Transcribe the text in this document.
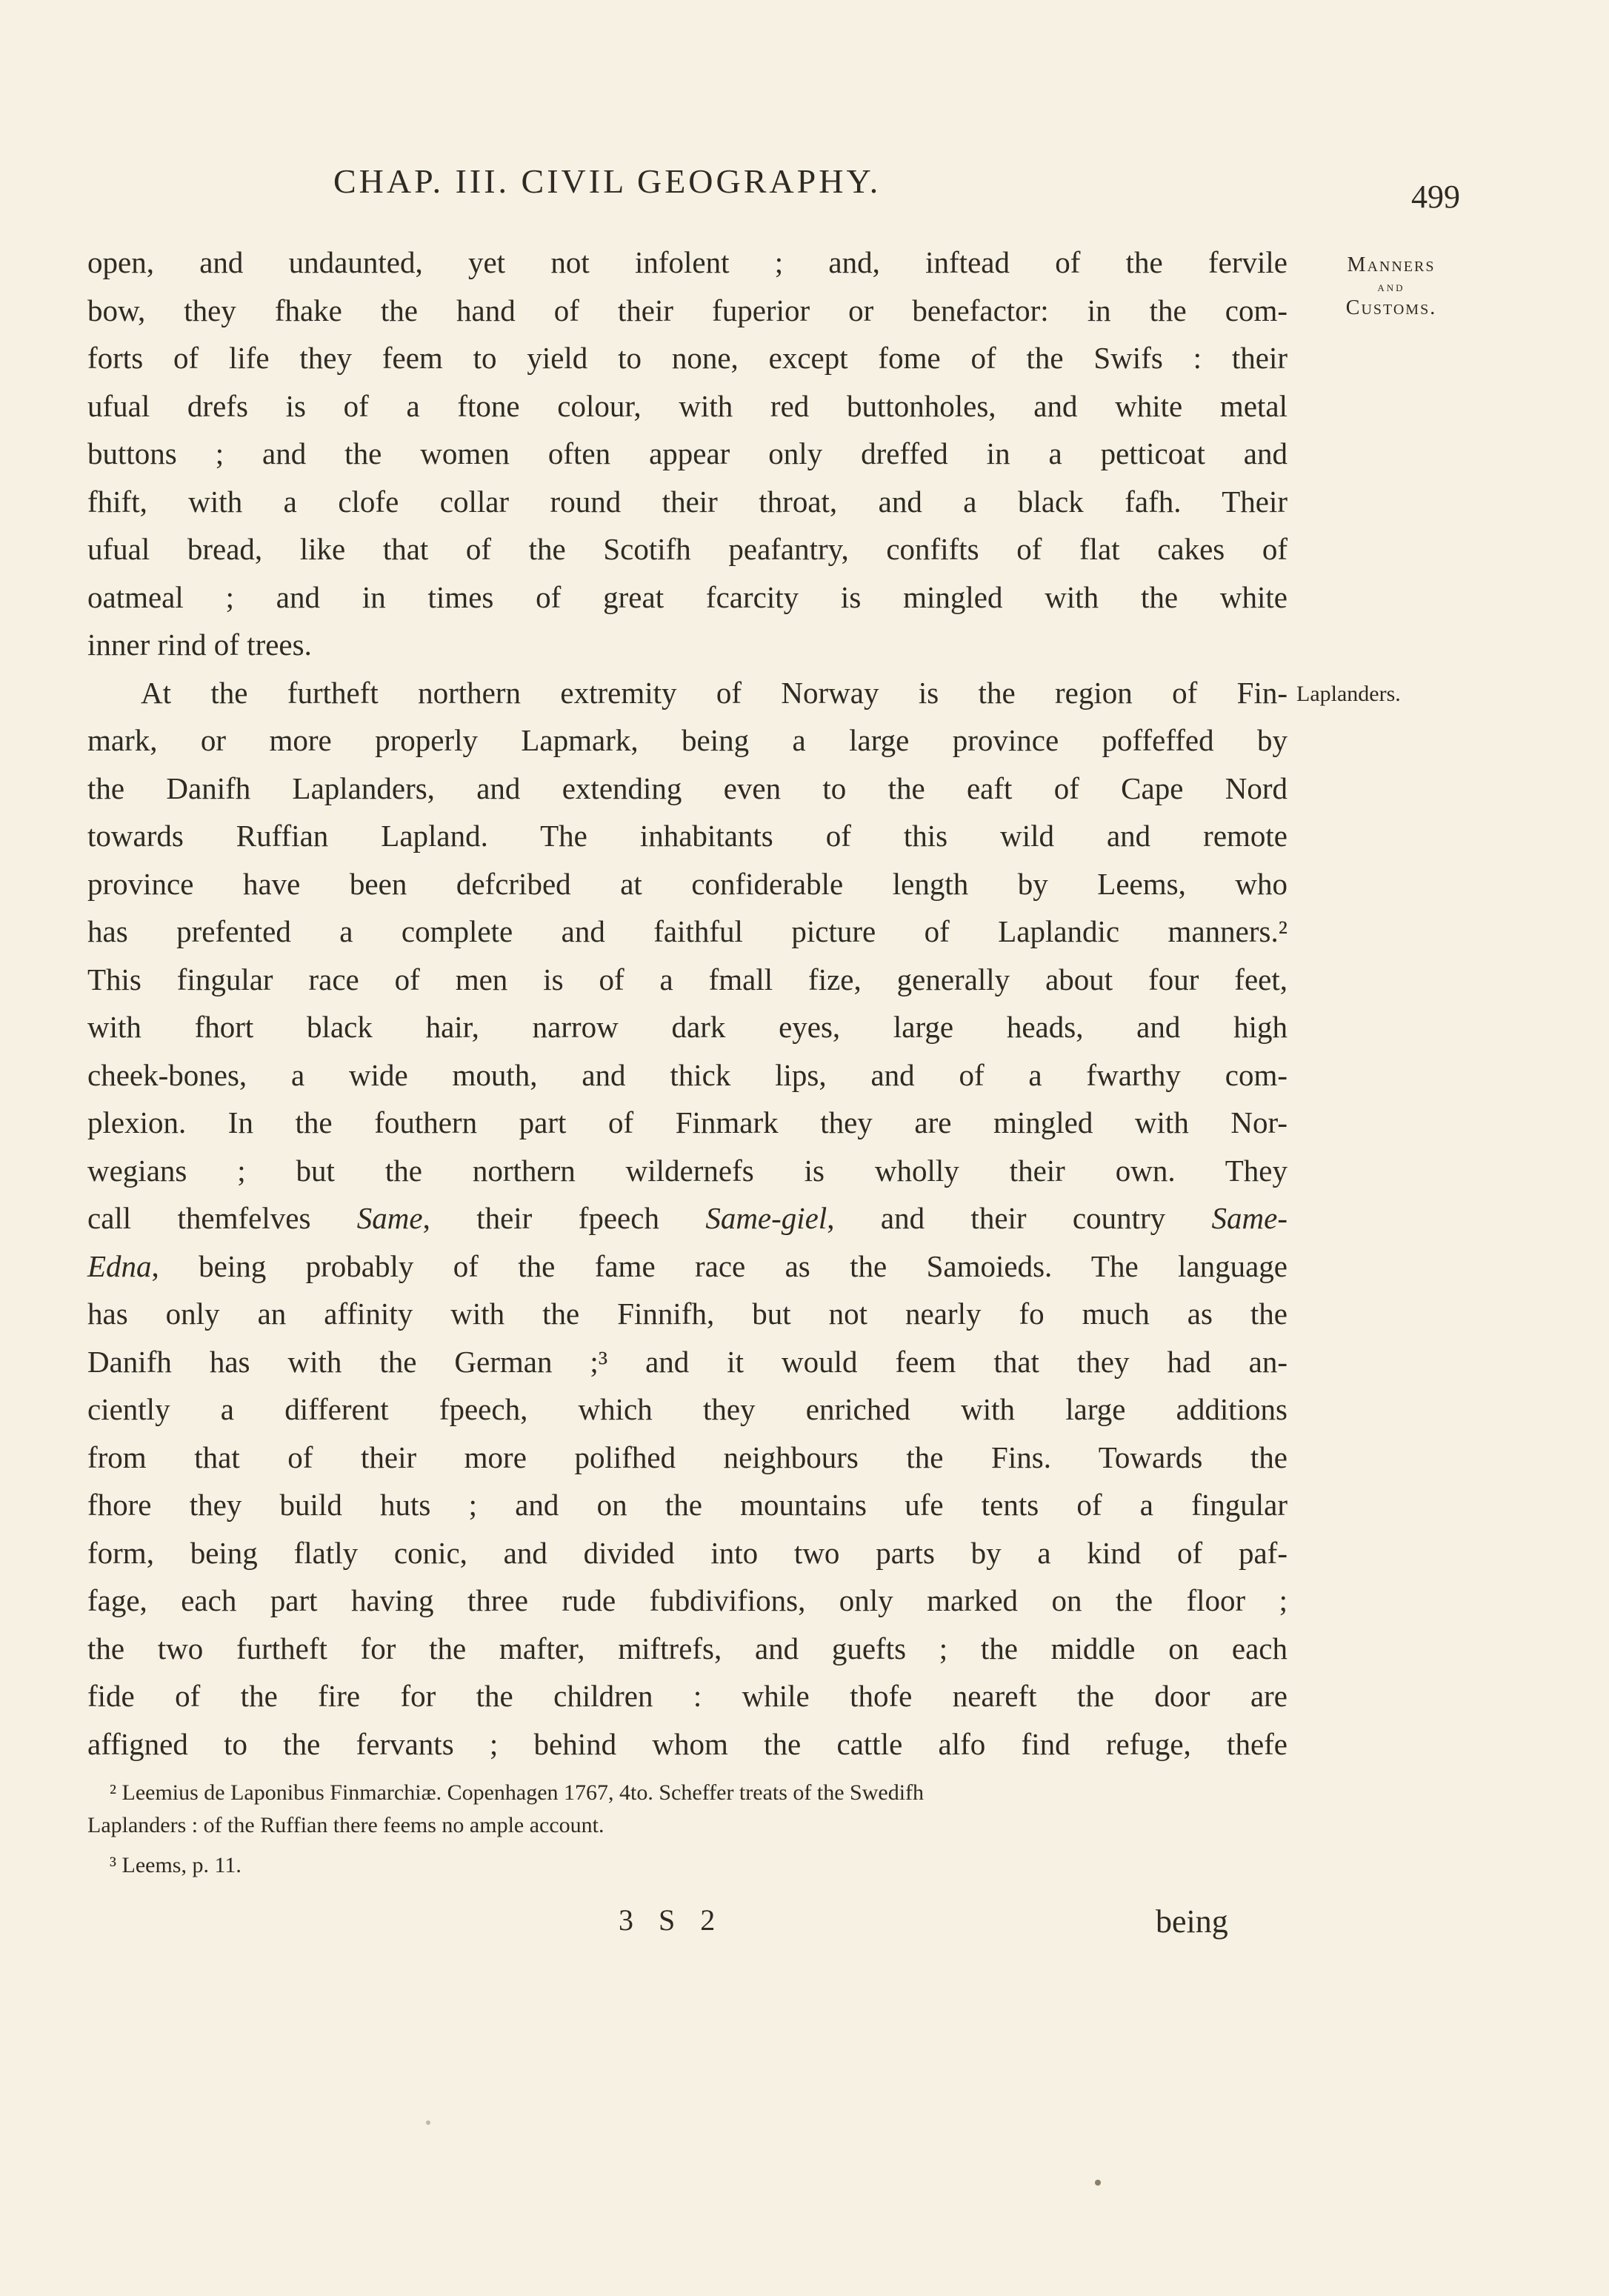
CHAP. III. CIVIL GEOGRAPHY.	499
Manners
and
Customs.
Laplanders.
open, and undaunted, yet not infolent ; and, inftead of the fervile
bow, they fhake the hand of their fuperior or benefactor: in the com-
forts of life they feem to yield to none, except fome of the Swifs : their
ufual drefs is of a ftone colour, with red buttonholes, and white metal
buttons ; and the women often appear only dreffed in a petticoat and
fhift, with a clofe collar round their throat, and a black fafh. Their
ufual bread, like that of the Scotifh peafantry, confifts of flat cakes of
oatmeal ; and in times of great fcarcity is mingled with the white
inner rind of trees.
At the furtheft northern extremity of Norway is the region of Fin-
mark, or more properly Lapmark, being a large province poffeffed by
the Danifh Laplanders, and extending even to the eaft of Cape Nord
towards Ruffian Lapland. The inhabitants of this wild and remote
province have been defcribed at confiderable length by Leems, who
has prefented a complete and faithful picture of Laplandic manners.²
This fingular race of men is of a fmall fize, generally about four feet,
with fhort black hair, narrow dark eyes, large heads, and high
cheek-bones, a wide mouth, and thick lips, and of a fwarthy com-
plexion. In the fouthern part of Finmark they are mingled with Nor-
wegians ; but the northern wildernefs is wholly their own. They
call themfelves Same, their fpeech Same-giel, and their country Same-
Edna, being probably of the fame race as the Samoieds. The language
has only an affinity with the Finnifh, but not nearly fo much as the
Danifh has with the German ;³ and it would feem that they had an-
ciently a different fpeech, which they enriched with large additions
from that of their more polifhed neighbours the Fins. Towards the
fhore they build huts ; and on the mountains ufe tents of a fingular
form, being flatly conic, and divided into two parts by a kind of paf-
fage, each part having three rude fubdivifions, only marked on the floor ;
the two furtheft for the mafter, miftrefs, and guefts ; the middle on each
fide of the fire for the children : while thofe neareft the door are
affigned to the fervants ; behind whom the cattle alfo find refuge, thefe
² Leemius de Laponibus Finmarchiæ. Copenhagen 1767, 4to. Scheffer treats of the Swedifh
Laplanders : of the Ruffian there feems no ample account.
³ Leems, p. 11.
3 S 2	being
